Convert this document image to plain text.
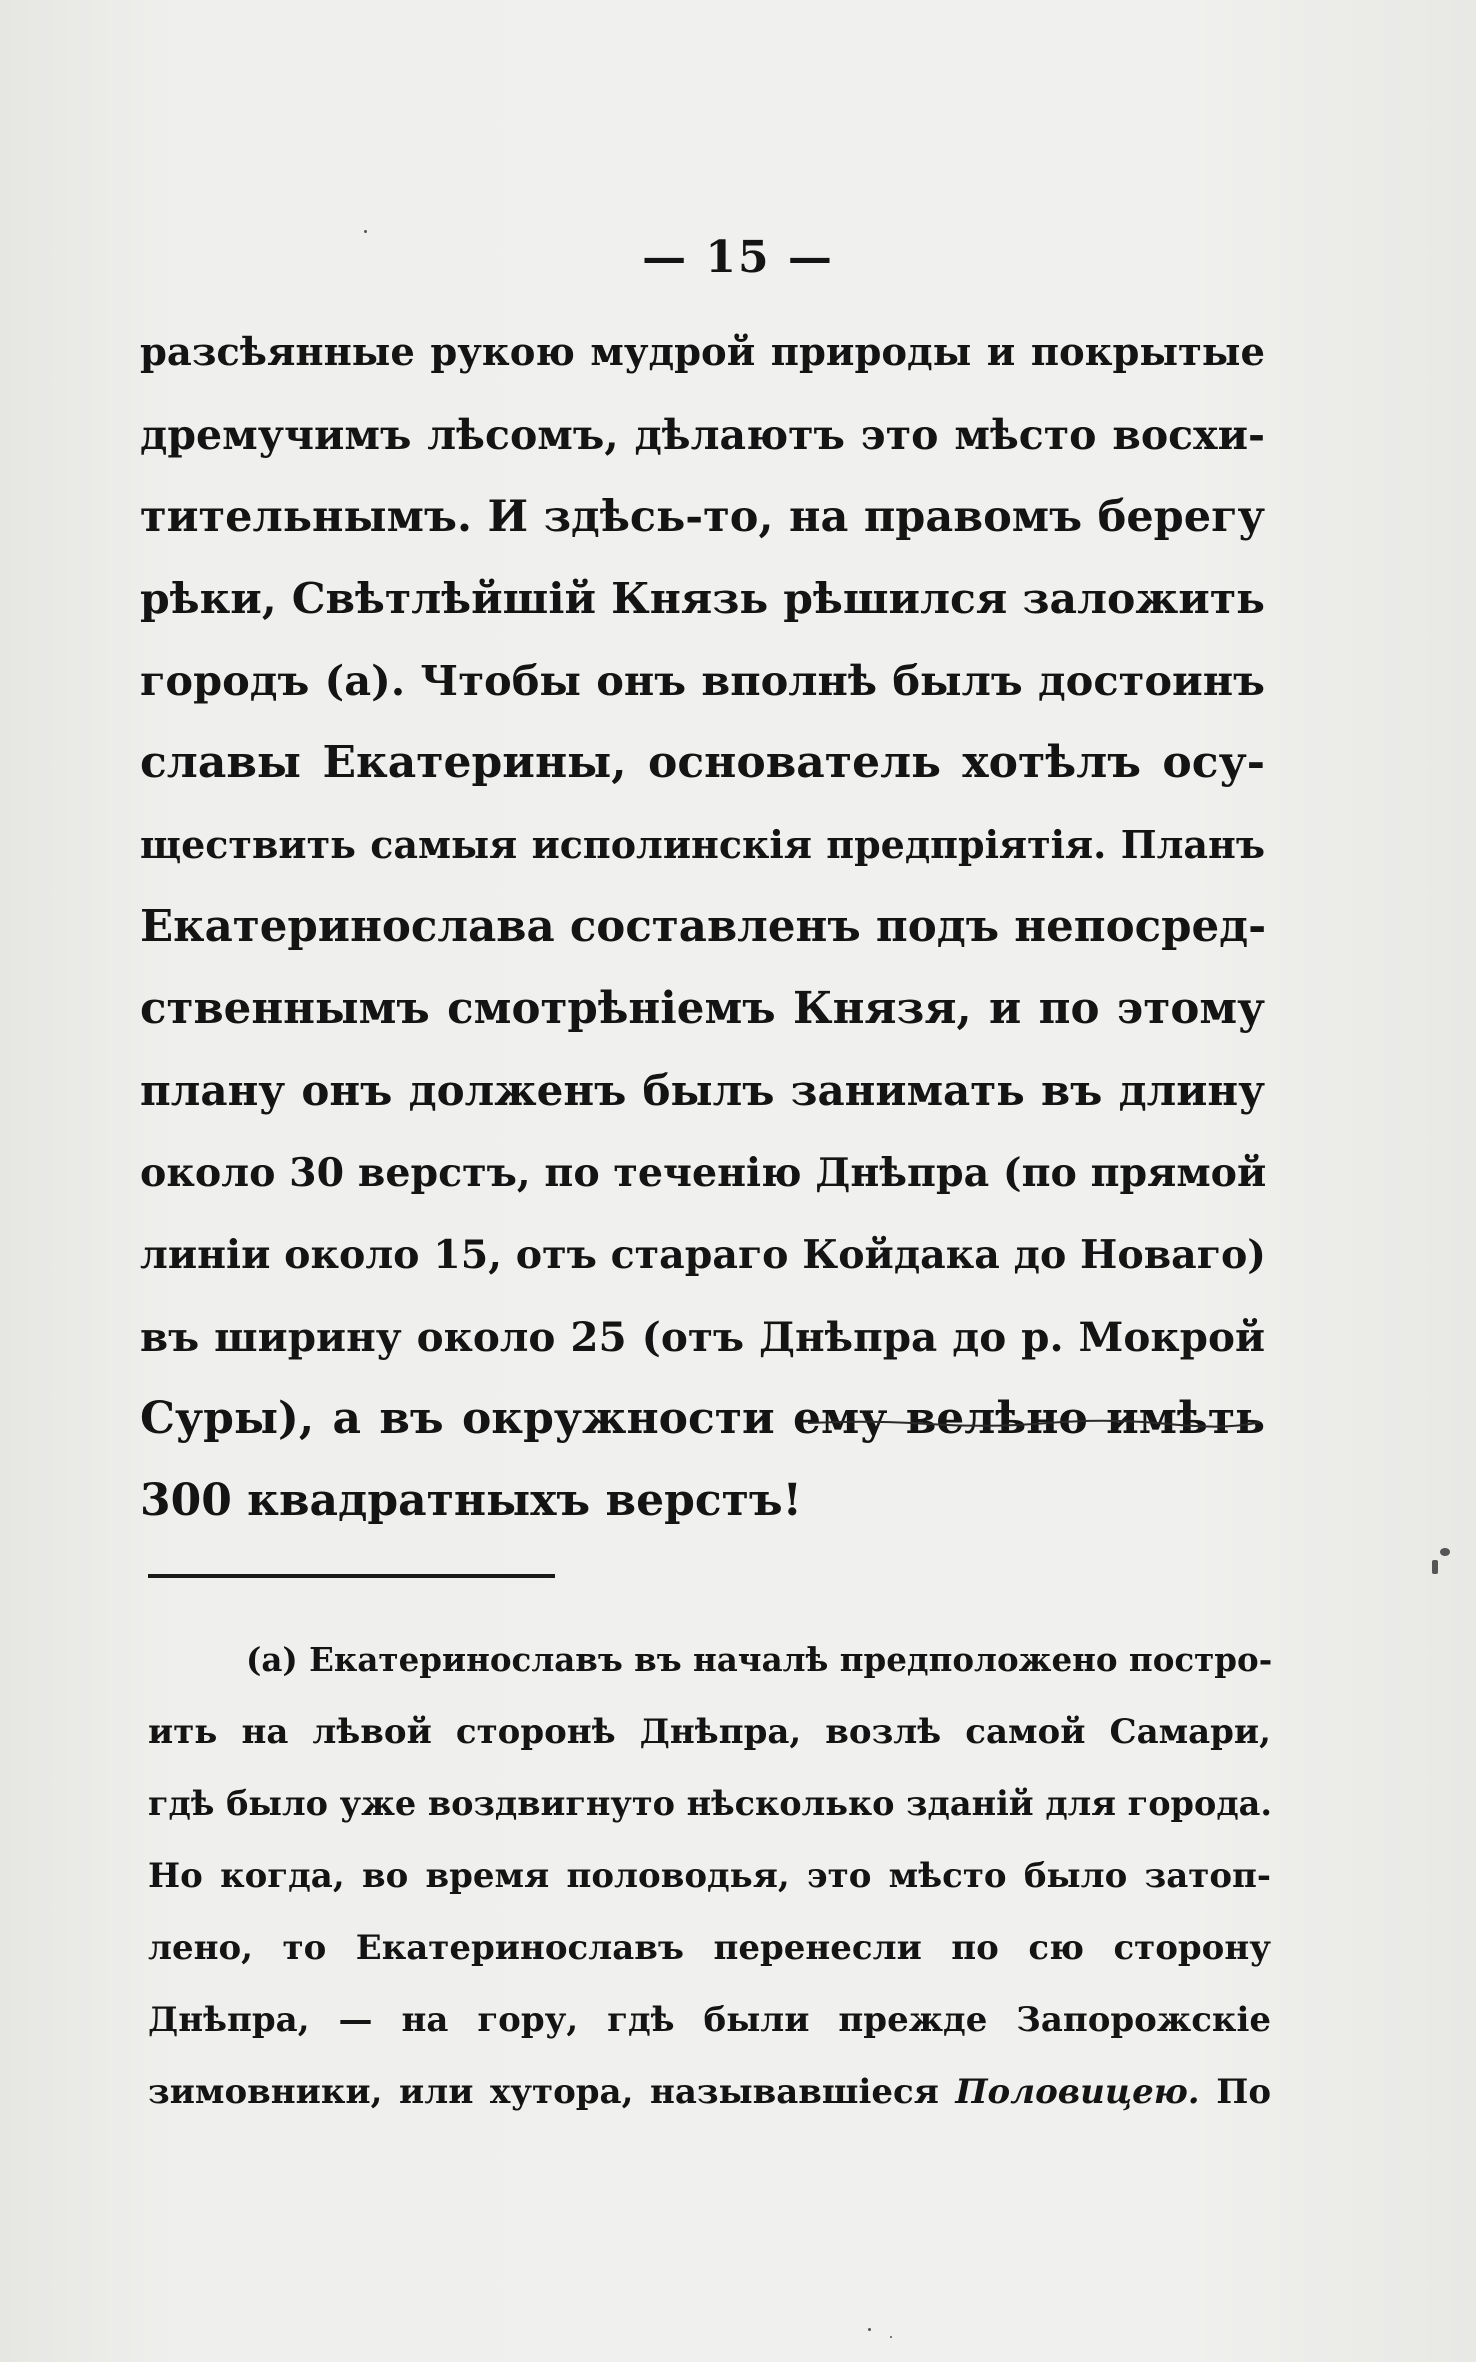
— 15 —
разсѣянные рукою мудрой природы и покрытые
дремучимъ лѣсомъ, дѣлаютъ это мѣсто восхи-
тительнымъ. И здѣсь-то, на правомъ берегу
рѣки, Свѣтлѣйшій Князь рѣшился заложить
городъ (а). Чтобы онъ вполнѣ былъ достоинъ
славы Екатерины, основатель хотѣлъ осу-
ществить самыя исполинскія предпріятія. Планъ
Екатеринослава составленъ подъ непосред-
ственнымъ смотрѣніемъ Князя, и по этому
плану онъ долженъ былъ занимать въ длину
около 30 верстъ, по теченію Днѣпра (по прямой
линіи около 15, отъ стараго Койдака до Новаго)
въ ширину около 25 (отъ Днѣпра до р. Мокрой
Суры), а въ окружности ему велѣно имѣть
300 квадратныхъ верстъ!
(а) Екатеринославъ въ началѣ предположено постро-
ить на лѣвой сторонѣ Днѣпра, возлѣ самой Самари,
гдѣ было уже воздвигнуто нѣсколько зданій для города.
Но когда, во время половодья, это мѣсто было затоп-
лено, то Екатеринославъ перенесли по сю сторону
Днѣпра, — на гору, гдѣ были прежде Запорожскіе
зимовники, или хутора, называвшіеся Половицею. По
